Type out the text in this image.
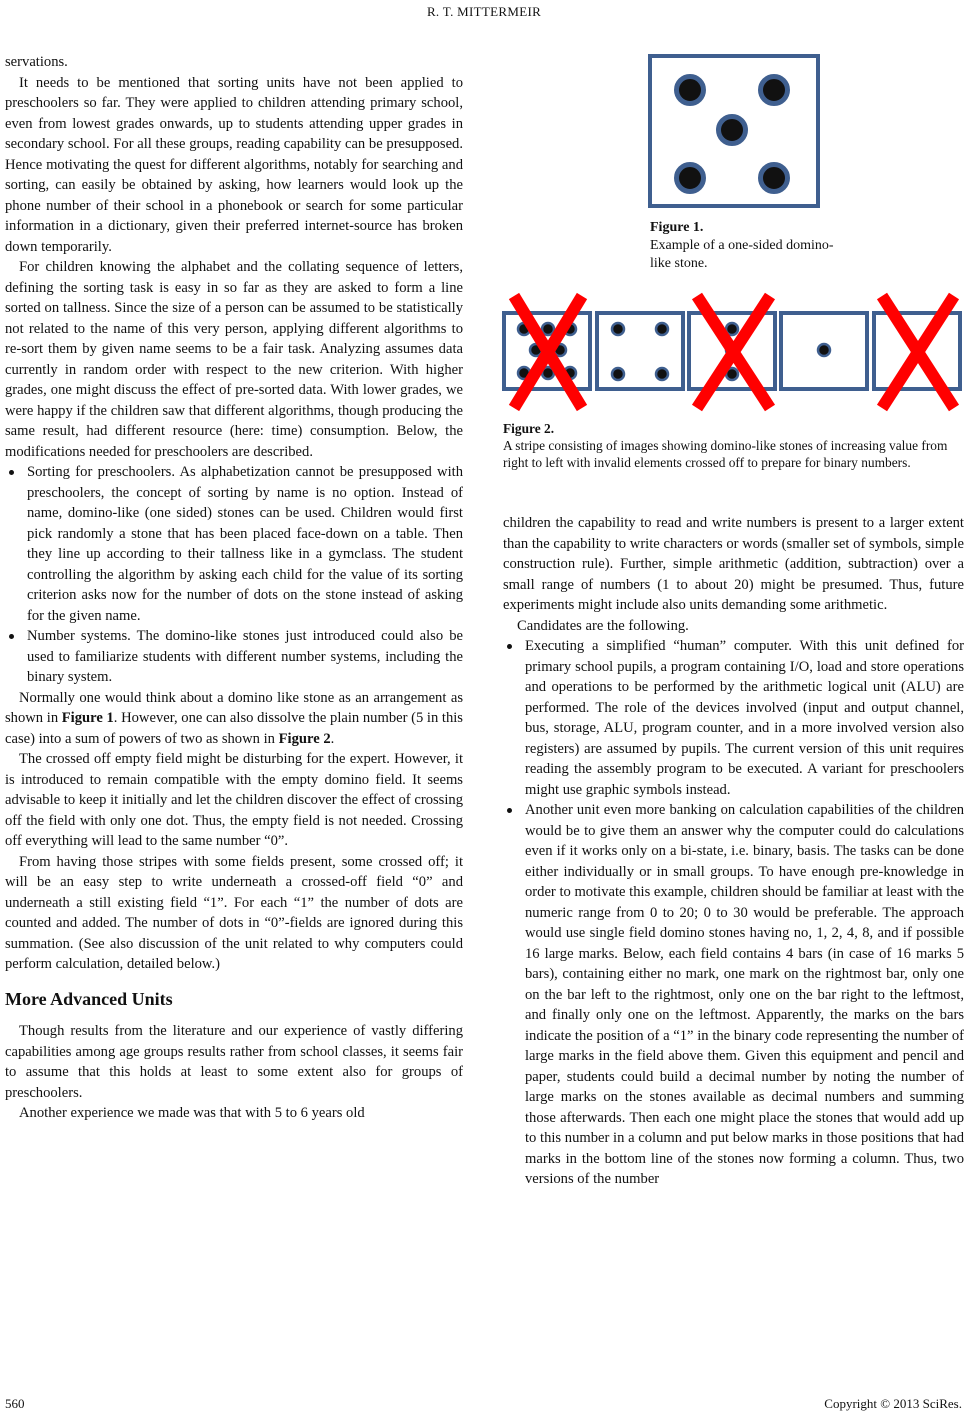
R. T. MITTERMEIR

servations.

It needs to be mentioned that sorting units have not been applied to preschoolers so far. They were applied to children attending primary school, even from lowest grades onwards, up to students attending upper grades in secondary school. For all these groups, reading capability can be presupposed. Hence motivating the quest for different algorithms, notably for searching and sorting, can easily be obtained by asking, how learners would look up the phone number of their school in a phonebook or search for some particular information in a dictionary, given their preferred internet-source has broken down temporarily.

For children knowing the alphabet and the collating sequence of letters, defining the sorting task is easy in so far as they are asked to form a line sorted on tallness. Since the size of a person can be assumed to be statistically not related to the name of this very person, applying different algorithms to re-sort them by given name seems to be a fair task. Analyzing assumes data currently in random order with respect to the new criterion. With higher grades, one might discuss the effect of pre-sorted data. With lower grades, we were happy if the children saw that different algorithms, though producing the same result, had different resource (here: time) consumption. Below, the modifications needed for preschoolers are described.

Sorting for preschoolers. As alphabetization cannot be presupposed with preschoolers, the concept of sorting by name is no option. Instead of name, domino-like (one sided) stones can be used. Children would first pick randomly a stone that has been placed face-down on a table. Then they line up according to their tallness like in a gymclass. The student controlling the algorithm by asking each child for the value of its sorting criterion asks now for the number of dots on the stone instead of asking for the given name.
Number systems. The domino-like stones just introduced could also be used to familiarize students with different number systems, including the binary system.

Normally one would think about a domino like stone as an arrangement as shown in Figure 1. However, one can also dissolve the plain number (5 in this case) into a sum of powers of two as shown in Figure 2.

The crossed off empty field might be disturbing for the expert. However, it is introduced to remain compatible with the empty domino field. It seems advisable to keep it initially and let the children discover the effect of crossing off the field with only one dot. Thus, the empty field is not needed. Crossing off everything will lead to the same number “0”.

From having those stripes with some fields present, some crossed off; it will be an easy step to write underneath a crossed-off field “0” and underneath a still existing field “1”. For each “1” the number of dots are counted and added. The number of dots in “0”-fields are ignored during this summation. (See also discussion of the unit related to why computers could perform calculation, detailed below.)

More Advanced Units

Though results from the literature and our experience of vastly differing capabilities among age groups results rather from school classes, it seems fair to assume that this holds at least to some extent also for groups of preschoolers.

Another experience we made was that with 5 to 6 years old

Figure 1.
Example of a one-sided domino-like stone.
Figure 2.
A stripe consisting of images showing domino-like stones of increasing value from right to left with invalid elements crossed off to prepare for binary numbers.

children the capability to read and write numbers is present to a larger extent than the capability to write characters or words (smaller set of symbols, simple construction rule). Further, simple arithmetic (addition, subtraction) over a small range of numbers (1 to about 20) might be presumed. Thus, future experiments might include also units demanding some arithmetic.

Candidates are the following.

Executing a simplified “human” computer. With this unit defined for primary school pupils, a program containing I/O, load and store operations and operations to be performed by the arithmetic logical unit (ALU) are performed. The role of the devices involved (input and output channel, bus, storage, ALU, program counter, and in a more involved version also registers) are assumed by pupils. The current version of this unit requires reading the assembly program to be executed. A variant for preschoolers might use graphic symbols instead.
Another unit even more banking on calculation capabilities of the children would be to give them an answer why the computer could do calculations even if it works only on a bi-state, i.e. binary, basis. The tasks can be done either individually or in small groups. To have enough pre-knowledge in order to motivate this example, children should be familiar at least with the numeric range from 0 to 20; 0 to 30 would be preferable. The approach would use single field domino stones having no, 1, 2, 4, 8, and if possible 16 large marks. Below, each field contains 4 bars (in case of 16 marks 5 bars), containing either no mark, one mark on the rightmost bar, only one on the bar left to the rightmost, only one on the bar right to the leftmost, and finally only one on the leftmost. Apparently, the marks on the bars indicate the position of a “1” in the binary code representing the number of large marks in the field above them. Given this equipment and pencil and paper, students could build a decimal number by noting the number of large marks on the stones available as decimal numbers and summing those afterwards. Then each one might place the stones that would add up to this number in a column and put below marks in those positions that had marks in the bottom line of the stones now forming a column. Thus, two versions of the number
560	Copyright © 2013 SciRes.
